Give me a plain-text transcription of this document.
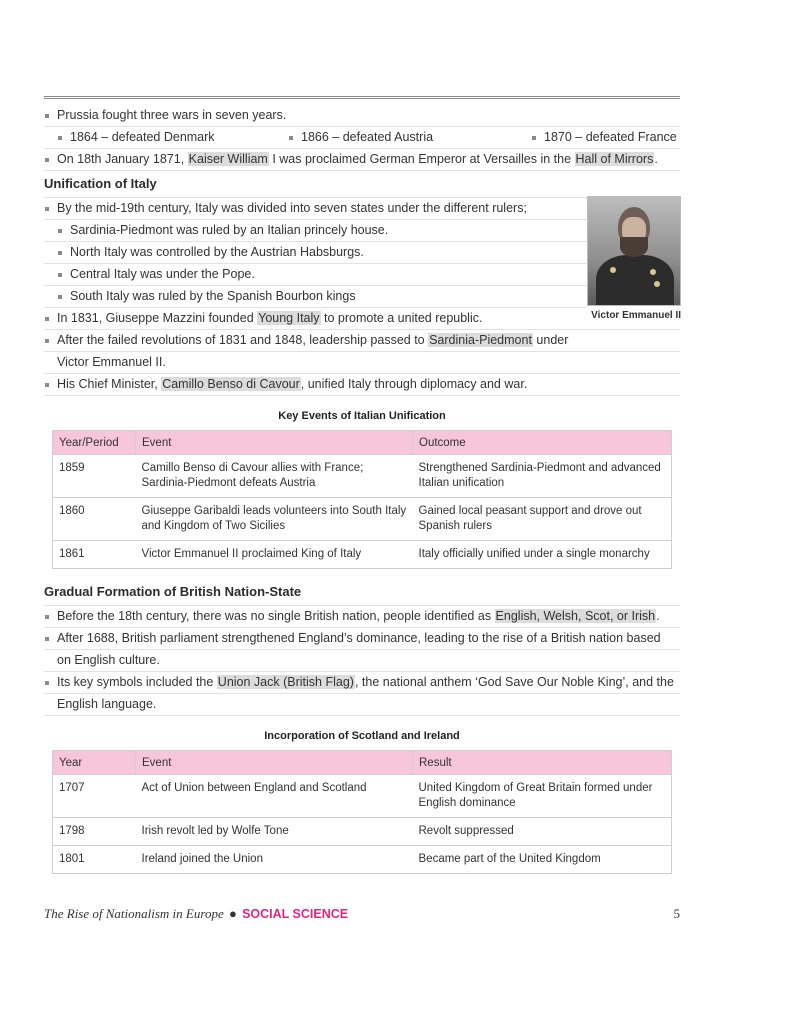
Prussia fought three wars in seven years.
1864 – defeated Denmark	1866 – defeated Austria	1870 – defeated France
On 18th January 1871, Kaiser William I was proclaimed German Emperor at Versailles in the Hall of Mirrors.
Unification of Italy
Victor Emmanuel II
By the mid-19th century, Italy was divided into seven states under the different rulers;
Sardinia-Piedmont was ruled by an Italian princely house.
North Italy was controlled by the Austrian Habsburgs.
Central Italy was under the Pope.
South Italy was ruled by the Spanish Bourbon kings
In 1831, Giuseppe Mazzini founded Young Italy to promote a united republic.
After the failed revolutions of 1831 and 1848, leadership passed to Sardinia-Piedmont under
Victor Emmanuel II.
His Chief Minister, Camillo Benso di Cavour, unified Italy through diplomacy and war.
Key Events of Italian Unification
Year/Period	Event	Outcome
1859	Camillo Benso di Cavour allies with France; Sardinia-Piedmont defeats Austria	Strengthened Sardinia-Piedmont and advanced Italian unification
1860	Giuseppe Garibaldi leads volunteers into South Italy and Kingdom of Two Sicilies	Gained local peasant support and drove out Spanish rulers
1861	Victor Emmanuel II proclaimed King of Italy	Italy officially unified under a single monarchy
Gradual Formation of British Nation-State
Before the 18th century, there was no single British nation, people identified as English, Welsh, Scot, or Irish.
After 1688, British parliament strengthened England’s dominance, leading to the rise of a British nation based
on English culture.
Its key symbols included the Union Jack (British Flag), the national anthem ‘God Save Our Noble King’, and the
English language.
Incorporation of Scotland and Ireland
Year	Event	Result
1707	Act of Union between England and Scotland	United Kingdom of Great Britain formed under English dominance
1798	Irish revolt led by Wolfe Tone	Revolt suppressed
1801	Ireland joined the Union	Became part of the United Kingdom
The Rise of Nationalism in Europe ● SOCIAL SCIENCE	5
